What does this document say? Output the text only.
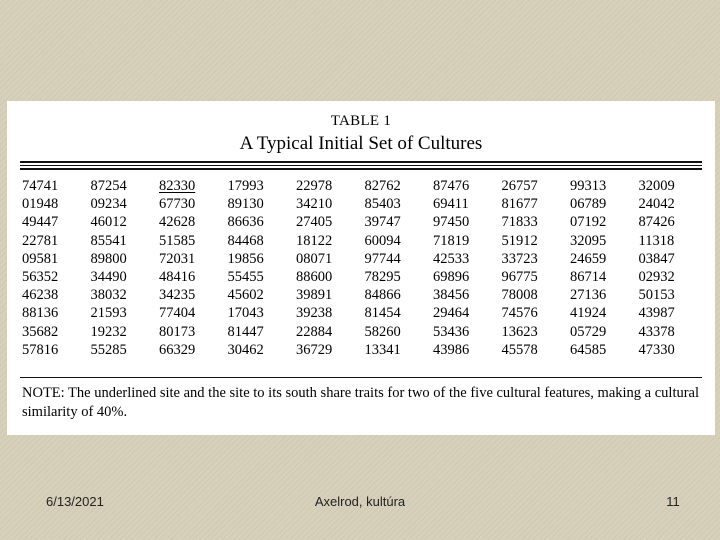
TABLE 1
A Typical Initial Set of Cultures
74741	87254	82330	17993	22978	82762	87476	26757	99313	32009
01948	09234	67730	89130	34210	85403	69411	81677	06789	24042
49447	46012	42628	86636	27405	39747	97450	71833	07192	87426
22781	85541	51585	84468	18122	60094	71819	51912	32095	11318
09581	89800	72031	19856	08071	97744	42533	33723	24659	03847
56352	34490	48416	55455	88600	78295	69896	96775	86714	02932
46238	38032	34235	45602	39891	84866	38456	78008	27136	50153
88136	21593	77404	17043	39238	81454	29464	74576	41924	43987
35682	19232	80173	81447	22884	58260	53436	13623	05729	43378
57816	55285	66329	30462	36729	13341	43986	45578	64585	47330
NOTE: The underlined site and the site to its south share traits for two of the five cultural features, making a cultural similarity of 40%.
6/13/2021	Axelrod, kultúra	11
